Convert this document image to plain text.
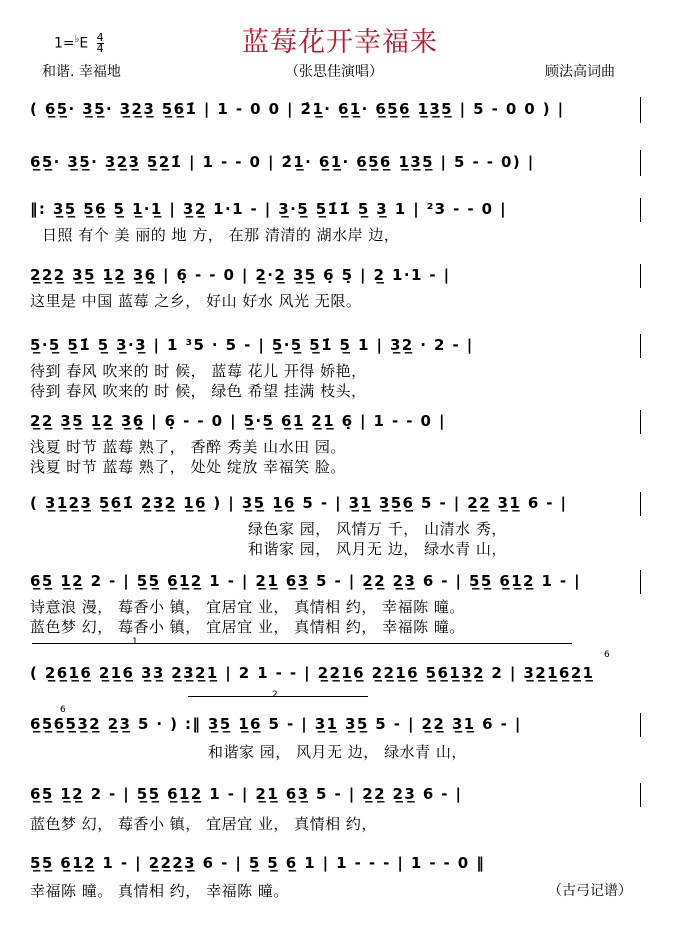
$1=^♭E \frac{4}{4}$	蓝莓花开幸福来
和谐. 幸福地	（张思佳演唱）	顾法高词曲
( 6̲5̲· 3̲5̲· 3̲2̲3̲ 5̲6̲1̇ | 1 - 0 0 | 2̇1̲· 6̲1̲· 6̲5̲6̲ 1̲3̲5̲ | 5 - 0 0 ) |
6̲5̲· 3̲5̲· 3̲2̲3̲ 5̲2̲1̇ | 1 - - 0 | 2̇1̲· 6̲1̲· 6̲5̲6̲ 1̲3̲5̲ | 5 - - 0) |
‖: 3̲5̲ 5̲6̲ 5̲ 1̲·1̲ | 3̲2̲ 1·1 - | 3̲·5̲ 5̲1̇1̇ 5̲ 3̲ 1 | ²3 - - 0 |
日照 有个 美 丽的 地 方， 在那 清清的 湖水岸 边，
2̲2̲2̲ 3̲5̲ 1̲2̲ 3̲6̣̲ | 6̣ - - 0 | 2̲·2̲ 3̲5̲ 6̣ 5̣ | 2̲ 1·1 - |
这里是 中国 蓝莓 之乡， 好山 好水 风光 无限。
5̲·5̲ 5̲1̇ 5̲ 3̲·3̲ | 1 ³5 · 5 - | 5̲·5̲ 5̲1̇ 5̲ 1 | 3̲2̲ · 2 - |
待到 春风 吹来的 时 候， 蓝莓 花儿 开得 娇艳，
待到 春风 吹来的 时 候， 绿色 希望 挂满 枝头，
2̲2̲ 3̲5̲ 1̲2̲ 3̲6̣̲ | 6̣ - - 0 | 5̲·5̲ 6̲1̲ 2̲1̲ 6̣ | 1 - - 0 |
浅夏 时节 蓝莓 熟了， 香醉 秀美 山水田 园。
浅夏 时节 蓝莓 熟了， 处处 绽放 幸福笑 脸。
( 3̲1̲2̲3̲ 5̲6̲1̇ 2̲3̲2̲ 1̲6̲ ) | 3̲5̲ 1̲6̲ 5 - | 3̲1̲ 3̲5̲6̲ 5 - | 2̲2̲ 3̲1̲ 6 - |
绿色家 园， 风情万 千， 山清水 秀，
和谐家 园， 风月无 边， 绿水青 山，
6̲5̲ 1̲2̲ 2 - | 5̲5̲ 6̲1̲2̲ 1 - | 2̲1̲ 6̲3̲ 5 - | 2̲2̲ 2̲3̲ 6 - | 5̲5̲ 6̲1̲2̲ 1 - |
诗意浪 漫， 莓香小 镇， 宜居宜 业， 真情相 约， 幸福陈 曈。
蓝色梦 幻， 莓香小 镇， 宜居宜 业， 真情相 约， 幸福陈 曈。
1
6
( 2̲6̲1̲6̲ 2̲1̲6̲ 3̲3̲ 2̲3̲2̲1̲ | 2 1 - - | 2̲2̲1̲6̲ 2̲2̲1̲6̲ 5̲6̲1̲3̲2̲ 2 | 3̲2̲1̲6̲2̲1̲
2
6
6̲5̲6̲5̲3̲2̲ 2̲3̲ 5 · ) :‖ 3̲5̲ 1̲6̲ 5 - | 3̲1̲ 3̲5̲ 5 - | 2̲2̲ 3̲1̲ 6 - |
和谐家 园， 风月无 边， 绿水青 山，
6̲5̲ 1̲2̲ 2 - | 5̲5̲ 6̲1̲2̲ 1 - | 2̲1̲ 6̲3̲ 5 - | 2̲2̲ 2̲3̲ 6 - |
蓝色梦 幻， 莓香小 镇， 宜居宜 业， 真情相 约，
5̲5̲ 6̲1̲2̲ 1 - | 2̲2̲2̲3̲ 6 - | 5̲ 5̲ 6̲ 1 | 1 - - - | 1 - - 0 ‖
幸福陈 曈。 真情相 约， 幸福陈 曈。	（古弓记谱）
